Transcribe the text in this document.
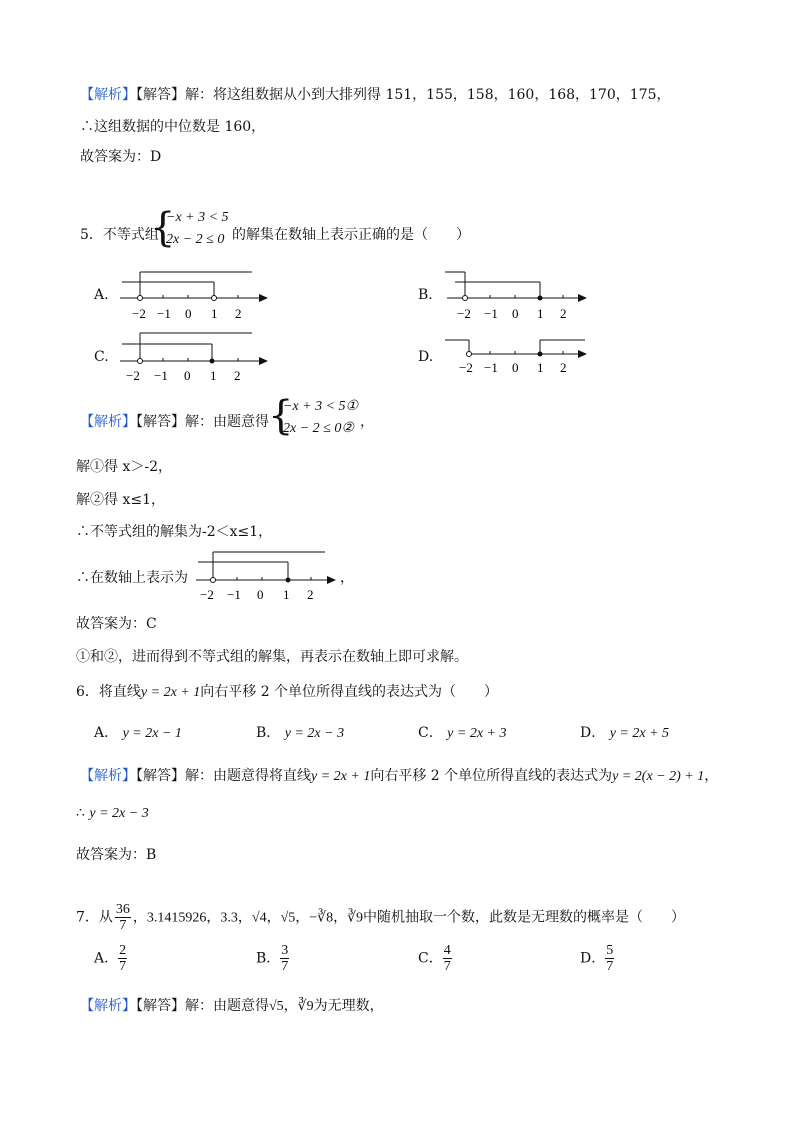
【解析】【解答】解：将这组数据从小到大排列得 151，155，158，160，168，170，175，
∴这组数据的中位数是 160，
故答案为：D
5．不等式组
{
−x + 3 < 5
2x − 2 ≤ 0 的解集在数轴上表示正确的是（　　）
A.
−2 −1 0 1 2
B.
−2 −1 0 1 2
C.
−2 −1 0 1 2
D.
−2 −1 0 1 2
【解析】【解答】解：由题意得 {
−x + 3 < 5①
2x − 2 ≤ 0② ，
解①得 x＞-2，
解②得 x≤1，
∴不等式组的解集为-2＜x≤1，
∴在数轴上表示为
−2 −1 0 1 2
，
故答案为：C
①和②，进而得到不等式组的解集，再表示在数轴上即可求解。
6．将直线y = 2x + 1向右平移 2 个单位所得直线的表达式为（　　）
A． y = 2x − 1	B． y = 2x − 3	C． y = 2x + 3	D． y = 2x + 5
【解析】【解答】解：由题意得将直线y = 2x + 1向右平移 2 个单位所得直线的表达式为y = 2(x − 2) + 1，
∴ y = 2x − 3
故答案为：B
7．从 $\frac{36}{7}$ ，3.1415926，3.3，√4，√5，−∛8，∛9中随机抽取一个数，此数是无理数的概率是（　　）
A． $\frac{2}{7}$	B． $\frac{3}{7}$	C． $\frac{4}{7}$	D． $\frac{5}{7}$
【解析】【解答】解：由题意得√5，∛9为无理数，
